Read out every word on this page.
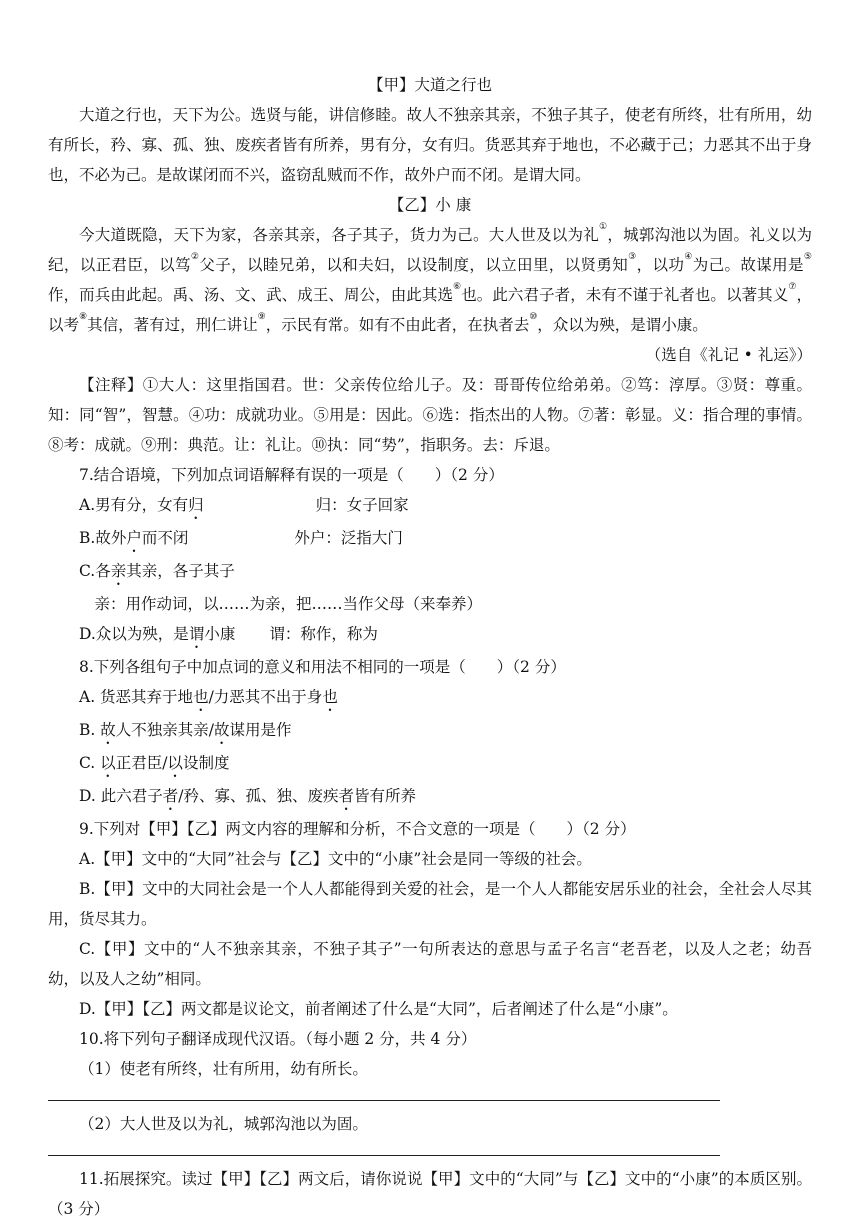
【甲】大道之行也

大道之行也，天下为公。选贤与能，讲信修睦。故人不独亲其亲，不独子其子，使老有所终，壮有所用，幼有所长，矜、寡、孤、独、废疾者皆有所养，男有分，女有归。货恶其弃于地也，不必藏于己；力恶其不出于身也，不必为己。是故谋闭而不兴，盗窃乱贼而不作，故外户而不闭。是谓大同。

【乙】小 康

今大道既隐，天下为家，各亲其亲，各子其子，货力为己。大人世及以为礼①，城郭沟池以为固。礼义以为纪，以正君臣，以笃②父子，以睦兄弟，以和夫妇，以设制度，以立田里，以贤勇知③，以功④为己。故谋用是⑤作，而兵由此起。禹、汤、文、武、成王、周公，由此其选⑥也。此六君子者，未有不谨于礼者也。以著其义⑦，以考⑧其信，著有过，刑仁讲让⑨，示民有常。如有不由此者，在执者去⑩，众以为殃，是谓小康。

（选自《礼记 • 礼运》）

【注释】①大人：这里指国君。世：父亲传位给儿子。及：哥哥传位给弟弟。②笃：淳厚。③贤：尊重。知：同“智”，智慧。④功：成就功业。⑤用是：因此。⑥选：指杰出的人物。⑦著：彰显。义：指合理的事情。⑧考：成就。⑨刑：典范。让：礼让。⑩执：同“势”，指职务。去：斥退。

7.结合语境，下列加点词语解释有误的一项是（　　）（2 分）

A.男有分，女有归	归：女子回家

B.故外户而不闭	外户：泛指大门

C.各亲其亲，各子其子

亲：用作动词，以……为亲，把……当作父母（来奉养）

D.众以为殃，是谓小康 谓：称作，称为

8.下列各组句子中加点词的意义和用法不相同的一项是（　　）（2 分）

A. 货恶其弃于地也/力恶其不出于身也

B. 故人不独亲其亲/故谋用是作

C. 以正君臣/以设制度

D. 此六君子者/矜、寡、孤、独、废疾者皆有所养

9.下列对【甲】【乙】两文内容的理解和分析，不合文意的一项是（　　）（2 分）

A.【甲】文中的“大同”社会与【乙】文中的“小康”社会是同一等级的社会。

B.【甲】文中的大同社会是一个人人都能得到关爱的社会，是一个人人都能安居乐业的社会，全社会人尽其用，货尽其力。

C.【甲】文中的“人不独亲其亲，不独子其子”一句所表达的意思与孟子名言“老吾老，以及人之老；幼吾幼，以及人之幼”相同。

D.【甲】【乙】两文都是议论文，前者阐述了什么是“大同”，后者阐述了什么是“小康”。

10.将下列句子翻译成现代汉语。（每小题 2 分，共 4 分）

（1）使老有所终，壮有所用，幼有所长。

（2）大人世及以为礼，城郭沟池以为固。

11.拓展探究。读过【甲】【乙】两文后，请你说说【甲】文中的“大同”与【乙】文中的“小康”的本质区别。（3 分）
